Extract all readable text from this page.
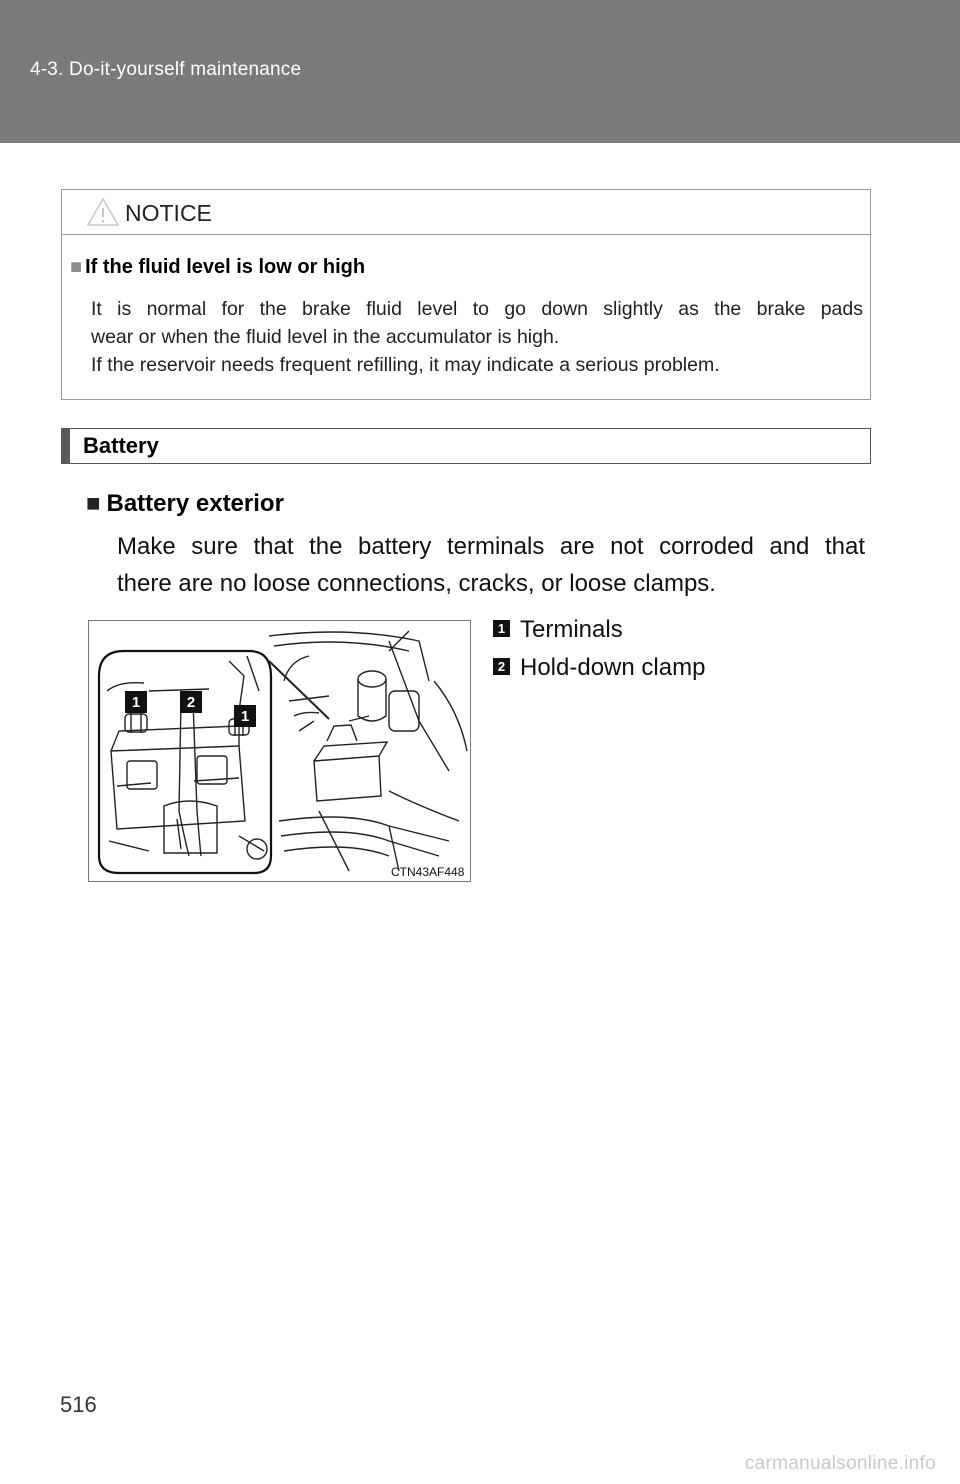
4-3. Do-it-yourself maintenance
NOTICE
■ If the fluid level is low or high
It is normal for the brake fluid level to go down slightly as the brake pads
wear or when the fluid level in the accumulator is high.
If the reservoir needs frequent refilling, it may indicate a serious problem.
Battery
■ Battery exterior
Make sure that the battery terminals are not corroded and that
there are no loose connections, cracks, or loose clamps.
1	2
1
CTN43AF448
1 Terminals
2 Hold-down clamp
516
carmanualsonline.info
